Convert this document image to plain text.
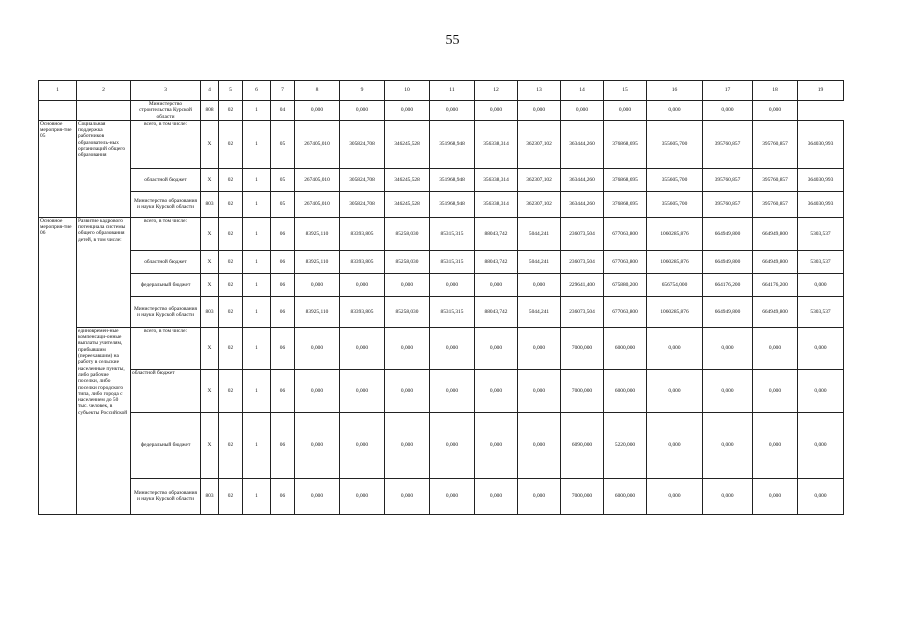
55
1	2	3	4	5	6	7	8	9	10	11	12	13	14	15	16	17	18	19
		Министерство строительства Курской области	808	02	1	04	0,000	0,000	0,000	0,000	0,000	0,000	0,000	0,000	0,000	0,000	0,000	
Основное мероприя-тие 05	Социальная поддержка работников образователь-ных организаций общего образования	всего, в том числе:	X	02	1	05	267405,010	305824,708	346245,528	351968,948	356338,314	362307,102	363444,260	376868,695	355605,700	395760,857	395760,857	364030,993
		областной бюджет	X	02	1	05	267405,010	305824,708	346245,528	351968,948	356338,314	362307,102	363444,260	376868,695	355605,700	395760,857	395760,857	364030,993
		Министерство образования и науки Курской области	803	02	1	05	267405,010	305824,708	346245,528	351968,948	356338,314	362307,102	363444,260	376868,695	355605,700	395760,857	395760,857	364030,993
Основное мероприя-тие 06	Развитие кадрового потенциала системы общего образования детей, в том числе:	всего, в том числе:	X	02	1	06	83925,110	83393,805	85258,030	85315,315	88043,742	5044,241	236073,504	677063,800	1060285,876	664949,800	664949,800	5303,537
		областной бюджет	X	02	1	06	83925,110	83393,805	85258,030	85315,315	88043,742	5044,241	236073,504	677063,800	1060285,876	664949,800	664949,800	5303,537
		федеральный бюджет	X	02	1	06	0,000	0,000	0,000	0,000	0,000	0,000	229641,400	675880,200	656754,000	664176,200	664176,200	0,000
		Министерство образования и науки Курской области	803	02	1	06	83925,110	83393,805	85258,030	85315,315	88043,742	5044,241	236073,504	677063,800	1060285,876	664949,800	664949,800	5303,537
	единовремен-ные компенсаци-онные выплаты учителям, прибывшим (переехавшим) на работу в сельские населенные пункты, либо рабочие поселки, либо поселки городского типа, либо города с населением до 50 тыс. человек, в субъекты Российской	всего, в том числе:	X	02	1	06	0,000	0,000	0,000	0,000	0,000	0,000	7000,000	6000,000	0,000	0,000	0,000	0,000
		областной бюджет	X	02	1	06	0,000	0,000	0,000	0,000	0,000	0,000	7000,000	6000,000	0,000	0,000	0,000	0,000
		федеральный бюджет	X	02	1	06	0,000	0,000	0,000	0,000	0,000	0,000	6090,000	5220,000	0,000	0,000	0,000	0,000
		Министерство образования и науки Курской области	803	02	1	06	0,000	0,000	0,000	0,000	0,000	0,000	7000,000	6000,000	0,000	0,000	0,000	0,000
